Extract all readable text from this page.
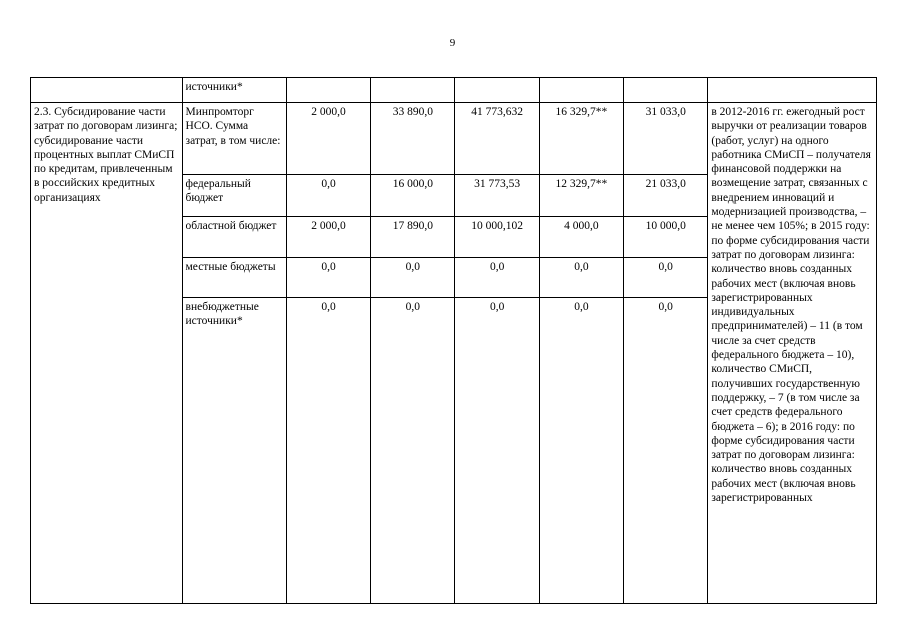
9
	источники*						
2.3. Субсидирование части затрат по договорам лизинга; субсидирование части процентных выплат СМиСП по кредитам, привлеченным в российских кредитных организациях	Минпромторг НСО. Сумма затрат, в том числе:	2 000,0	33 890,0	41 773,632	16 329,7**	31 033,0	в 2012-2016 гг. ежегодный рост выручки от реализации товаров (работ, услуг) на одного работника СМиСП – получателя финансовой поддержки на возмещение затрат, связанных с внедрением инноваций и модернизацией производства, – не менее чем 105%; в 2015 году: по форме субсидирования части затрат по договорам лизинга: количество вновь созданных рабочих мест (включая вновь зарегистрированных индивидуальных предпринимателей) – 11 (в том числе за счет средств федерального бюджета – 10), количество СМиСП, получивших государственную поддержку, – 7 (в том числе за счет средств федерального бюджета – 6); в 2016 году: по форме субсидирования части затрат по договорам лизинга: количество вновь созданных рабочих мест (включая вновь зарегистрированных
	федеральный бюджет	0,0	16 000,0	31 773,53	12 329,7**	21 033,0	
	областной бюджет	2 000,0	17 890,0	10 000,102	4 000,0	10 000,0	
	местные бюджеты	0,0	0,0	0,0	0,0	0,0	
	внебюджетные источники*	0,0	0,0	0,0	0,0	0,0	
